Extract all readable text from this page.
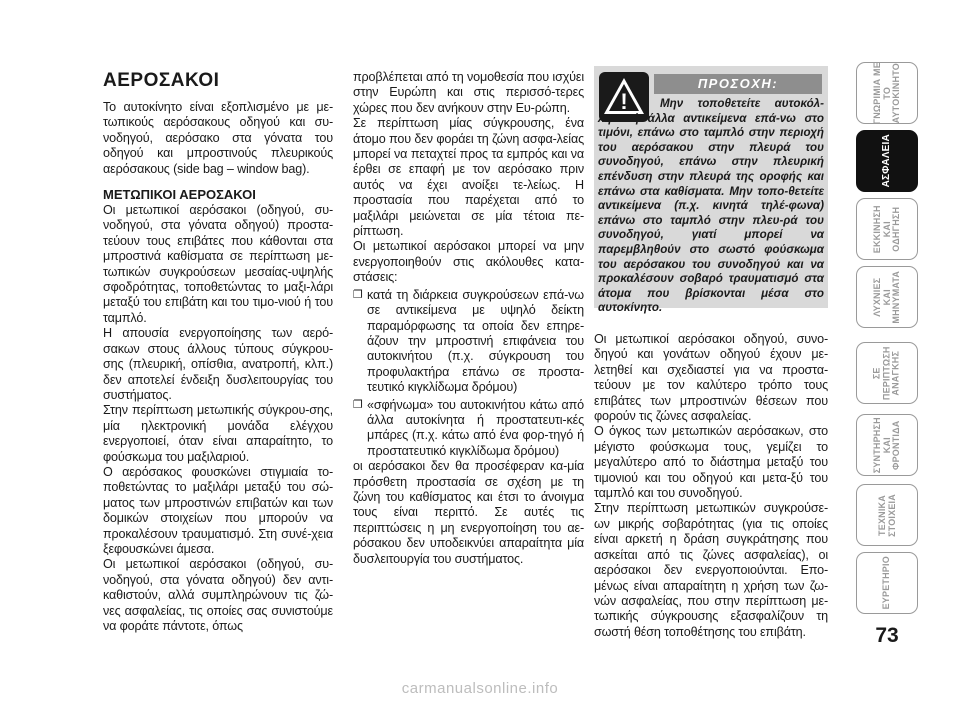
ΑΕΡΟΣΑΚΟΙ

Το αυτοκίνητο είναι εξοπλισμένο με με-τωπικούς αερόσακους οδηγού και συ-νοδηγού, αερόσακο στα γόνατα του οδηγού και μπροστινούς πλευρικούς αερόσακους (side bag – window bag).

ΜΕΤΩΠΙΚΟΙ ΑΕΡΟΣΑΚΟΙ

Οι μετωπικοί αερόσακοι (οδηγού, συ-νοδηγού, στα γόνατα οδηγού) προστα-τεύουν τους επιβάτες που κάθονται στα μπροστινά καθίσματα σε περίπτωση με-τωπικών συγκρούσεων μεσαίας-υψηλής σφοδρότητας, τοποθετώντας το μαξι-λάρι μεταξύ του επιβάτη και του τιμο-νιού ή του ταμπλό.

Η απουσία ενεργοποίησης των αερό-σακων στους άλλους τύπους σύγκρου-σης (πλευρική, οπίσθια, ανατροπή, κλπ.) δεν αποτελεί ένδειξη δυσλειτουργίας του συστήματος.

Στην περίπτωση μετωπικής σύγκρου-σης, μία ηλεκτρονική μονάδα ελέγχου ενεργοποιεί, όταν είναι απαραίτητο, το φούσκωμα του μαξιλαριού.

Ο αερόσακος φουσκώνει στιγμιαία το-ποθετώντας το μαξιλάρι μεταξύ του σώ-ματος των μπροστινών επιβατών και των δομικών στοιχείων που μπορούν να προκαλέσουν τραυματισμό. Στη συνέ-χεια ξεφουσκώνει άμεσα.

Οι μετωπικοί αερόσακοι (οδηγού, συ-νοδηγού, στα γόνατα οδηγού) δεν αντι-καθιστούν, αλλά συμπληρώνουν τις ζώ-νες ασφαλείας, τις οποίες σας συνιστούμε να φοράτε πάντοτε, όπως

προβλέπεται από τη νομοθεσία που ισχύει στην Ευρώπη και στις περισσό-τερες χώρες που δεν ανήκουν στην Ευ-ρώπη.

Σε περίπτωση μίας σύγκρουσης, ένα άτομο που δεν φοράει τη ζώνη ασφα-λείας μπορεί να πεταχτεί προς τα εμπρός και να έρθει σε επαφή με τον αερόσακο πριν αυτός να έχει ανοίξει τε-λείως. Η προστασία που παρέχεται από το μαξιλάρι μειώνεται σε μία τέτοια πε-ρίπτωση.

Οι μετωπικοί αερόσακοι μπορεί να μην ενεργοποιηθούν στις ακόλουθες κατα-στάσεις:

❐ κατά τη διάρκεια συγκρούσεων επά-νω σε αντικείμενα με υψηλό δείκτη παραμόρφωσης τα οποία δεν επηρε-άζουν την μπροστινή επιφάνεια του αυτοκινήτου (π.χ. σύγκρουση του προφυλακτήρα επάνω σε προστα-τευτικό κιγκλίδωμα δρόμου)
❐ «σφήνωμα» του αυτοκινήτου κάτω από άλλα αυτοκίνητα ή προστατευτι-κές μπάρες (π.χ. κάτω από ένα φορ-τηγό ή προστατευτικό κιγκλίδωμα δρόμου)

οι αερόσακοι δεν θα προσέφεραν κα-μία πρόσθετη προστασία σε σχέση με τη ζώνη του καθίσματος και έτσι το άνοιγμα τους είναι περιττό. Σε αυτές τις περιπτώσεις η μη ενεργοποίηση του αε-ρόσακου δεν υποδεικνύει απαραίτητα μία δυσλειτουργία του συστήματος.

!
ΠΡΟΣΟΧΗ:
Μην τοποθετείτε αυτοκόλ-λητα ή άλλα αντικείμενα επά-νω στο τιμόνι, επάνω στο ταμπλό στην περιοχή του αερόσακου στην πλευρά του συνοδηγού, επάνω στην πλευρική επένδυση στην πλευρά της οροφής και επάνω στα καθίσματα. Μην τοπο-θετείτε αντικείμενα (π.χ. κινητά τηλέ-φωνα) επάνω στο ταμπλό στην πλευ-ρά του συνοδηγού, γιατί μπορεί να παρεμβληθούν στο σωστό φούσκωμα του αερόσακου του συνοδηγού και να προκαλέσουν σοβαρό τραυματισμό στα άτομα που βρίσκονται μέσα στο αυτοκίνητο.

Οι μετωπικοί αερόσακοι οδηγού, συνο-δηγού και γονάτων οδηγού έχουν με-λετηθεί και σχεδιαστεί για να προστα-τεύουν με τον καλύτερο τρόπο τους επιβάτες των μπροστινών θέσεων που φορούν τις ζώνες ασφαλείας.

Ο όγκος των μετωπικών αερόσακων, στο μέγιστο φούσκωμα τους, γεμίζει το μεγαλύτερο από το διάστημα μεταξύ του τιμονιού και του οδηγού και μετα-ξύ του ταμπλό και του συνοδηγού.

Στην περίπτωση μετωπικών συγκρούσε-ων μικρής σοβαρότητας (για τις οποίες είναι αρκετή η δράση συγκράτησης που ασκείται από τις ζώνες ασφαλείας), οι αερόσακοι δεν ενεργοποιούνται. Επο-μένως είναι απαραίτητη η χρήση των ζω-νών ασφαλείας, που στην περίπτωση με-τωπικής σύγκρουσης εξασφαλίζουν τη σωστή θέση τοποθέτησης του επιβάτη.

ΓΝΩΡΙΜΙΑ ΜΕ
ΤΟ
ΑΥΤΟΚΙΝΗΤΟ
ΑΣΦΑΛΕΙΑ
ΕΚΚΙΝΗΣΗ
ΚΑΙ
ΟΔΗΓΗΣΗ
ΛΥΧΝΙΕΣ
ΚΑΙ
ΜΗΝΥΜΑΤΑ
ΣΕ
ΠΕΡΙΠΤΩΣΗ
ΑΝΑΓΚΗΣ
ΣΥΝΤΗΡΗΣΗ
ΚΑΙ
ΦΡΟΝΤΙΔΑ
ΤΕΧΝΙΚΑ
ΣΤΟΙΧΕΙΑ
ΕΥΡΕΤΗΡΙΟ
73
carmanualsonline.info
